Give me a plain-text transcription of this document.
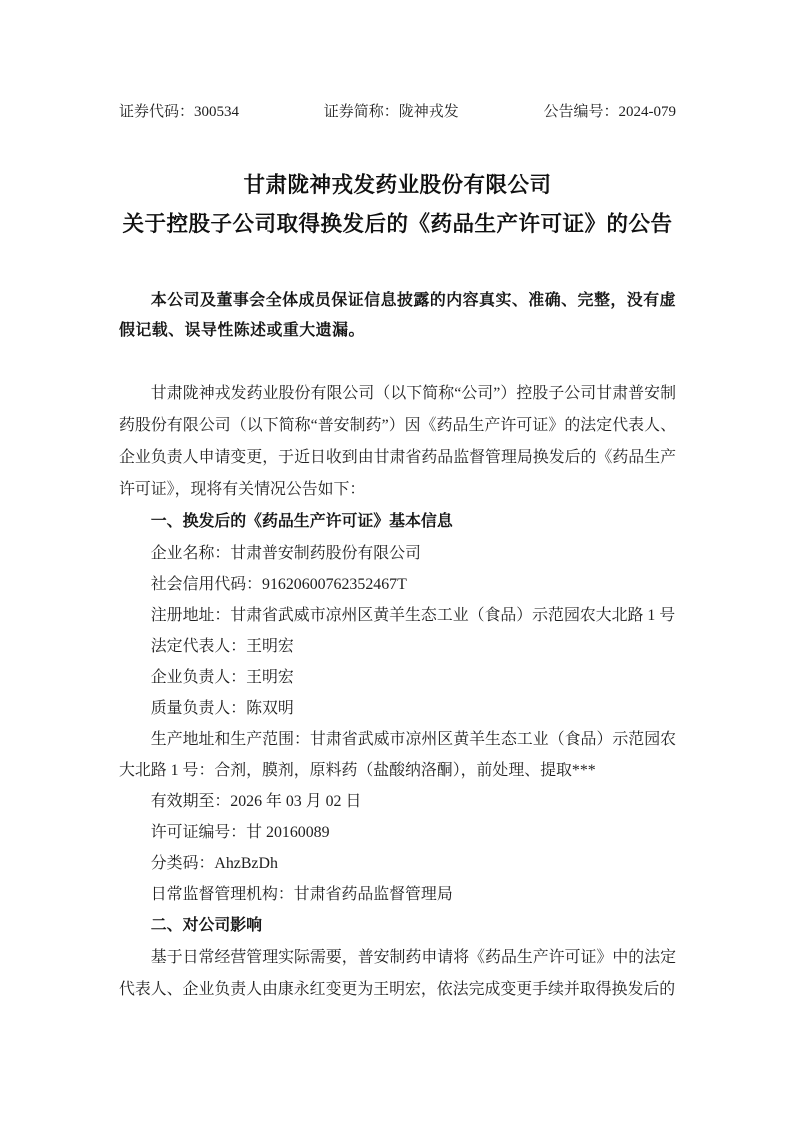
证券代码：300534	证券简称：陇神戎发	公告编号：2024-079
甘肃陇神戎发药业股份有限公司
关于控股子公司取得换发后的《药品生产许可证》的公告

本公司及董事会全体成员保证信息披露的内容真实、准确、完整，没有虚假记载、误导性陈述或重大遗漏。

甘肃陇神戎发药业股份有限公司（以下简称“公司”）控股子公司甘肃普安制药股份有限公司（以下简称“普安制药”）因《药品生产许可证》的法定代表人、企业负责人申请变更，于近日收到由甘肃省药品监督管理局换发后的《药品生产许可证》，现将有关情况公告如下：

一、换发后的《药品生产许可证》基本信息

企业名称：甘肃普安制药股份有限公司

社会信用代码：91620600762352467T

注册地址：甘肃省武威市凉州区黄羊生态工业（食品）示范园农大北路 1 号

法定代表人：王明宏

企业负责人：王明宏

质量负责人：陈双明

生产地址和生产范围：甘肃省武威市凉州区黄羊生态工业（食品）示范园农大北路 1 号：合剂，膜剂，原料药（盐酸纳洛酮），前处理、提取***

有效期至：2026 年 03 月 02 日

许可证编号：甘 20160089

分类码：AhzBzDh

日常监督管理机构：甘肃省药品监督管理局

二、对公司影响

基于日常经营管理实际需要，普安制药申请将《药品生产许可证》中的法定代表人、企业负责人由康永红变更为王明宏，依法完成变更手续并取得换发后的
